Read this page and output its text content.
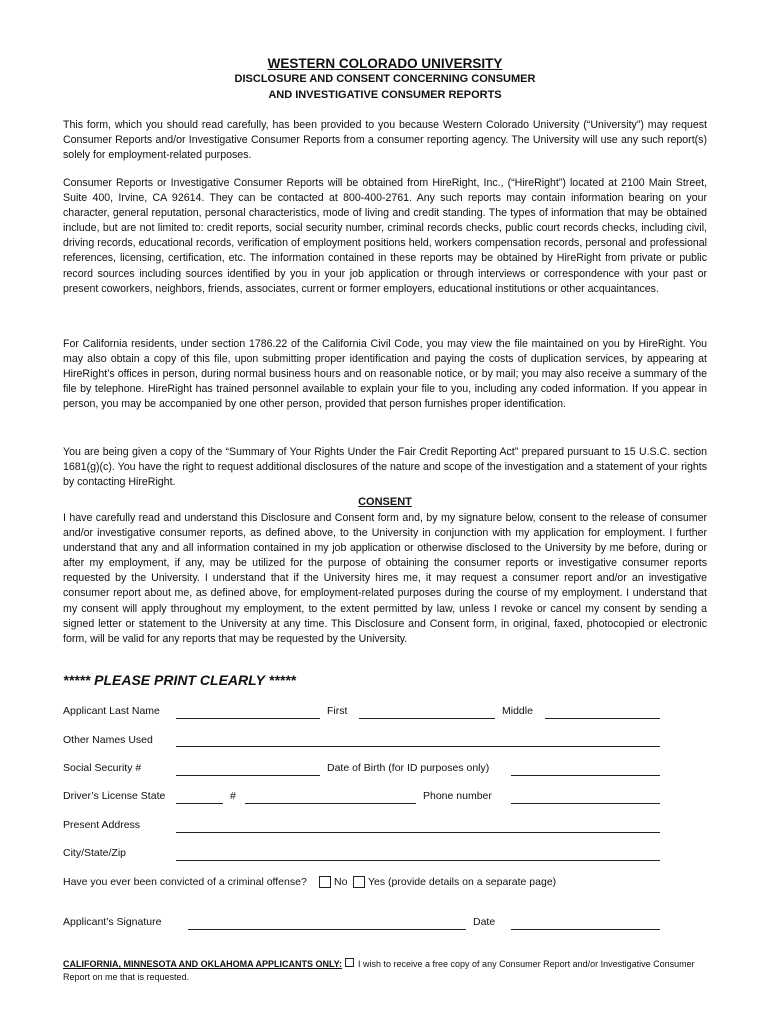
WESTERN COLORADO UNIVERSITY
DISCLOSURE AND CONSENT CONCERNING CONSUMER
AND INVESTIGATIVE CONSUMER REPORTS

This form, which you should read carefully, has been provided to you because Western Colorado University (“University”) may request Consumer Reports and/or Investigative Consumer Reports from a consumer reporting agency. The University will use any such report(s) solely for employment-related purposes.

Consumer Reports or Investigative Consumer Reports will be obtained from HireRight, Inc., (“HireRight”) located at 2100 Main Street, Suite 400, Irvine, CA 92614. They can be contacted at 800-400-2761. Any such reports may contain information bearing on your character, general reputation, personal characteristics, mode of living and credit standing. The types of information that may be obtained include, but are not limited to: credit reports, social security number, criminal records checks, public court records checks, including civil, driving records, educational records, verification of employment positions held, workers compensation records, personal and professional references, licensing, certification, etc. The information contained in these reports may be obtained by HireRight from private or public record sources including sources identified by you in your job application or through interviews or correspondence with your past or present coworkers, neighbors, friends, associates, current or former employers, educational institutions or other acquaintances.

For California residents, under section 1786.22 of the California Civil Code, you may view the file maintained on you by HireRight. You may also obtain a copy of this file, upon submitting proper identification and paying the costs of duplication services, by appearing at HireRight’s offices in person, during normal business hours and on reasonable notice, or by mail; you may also receive a summary of the file by telephone. HireRight has trained personnel available to explain your file to you, including any coded information. If you appear in person, you may be accompanied by one other person, provided that person furnishes proper identification.

You are being given a copy of the “Summary of Your Rights Under the Fair Credit Reporting Act” prepared pursuant to 15 U.S.C. section 1681(g)(c). You have the right to request additional disclosures of the nature and scope of the investigation and a statement of your rights by contacting HireRight.

CONSENT

I have carefully read and understand this Disclosure and Consent form and, by my signature below, consent to the release of consumer and/or investigative consumer reports, as defined above, to the University in conjunction with my application for employment. I further understand that any and all information contained in my job application or otherwise disclosed to the University by me before, during or after my employment, if any, may be utilized for the purpose of obtaining the consumer reports or investigative consumer reports requested by the University. I understand that if the University hires me, it may request a consumer report and/or an investigative consumer report about me, as defined above, for employment-related purposes during the course of my employment. I understand that my consent will apply throughout my employment, to the extent permitted by law, unless I revoke or cancel my consent by sending a signed letter or statement to the University at any time. This Disclosure and Consent form, in original, faxed, photocopied or electronic form, will be valid for any reports that may be requested by the University.

***** PLEASE PRINT CLEARLY *****
Applicant Last Name	First	Middle
Other Names Used
Social Security #	Date of Birth (for ID purposes only)
Driver’s License State	#	Phone number
Present Address
City/State/Zip
Have you ever been convicted of a criminal offense?	No Yes (provide details on a separate page)
Applicant’s Signature	Date
CALIFORNIA, MINNESOTA AND OKLAHOMA APPLICANTS ONLY: I wish to receive a free copy of any Consumer Report and/or Investigative Consumer Report on me that is requested.
